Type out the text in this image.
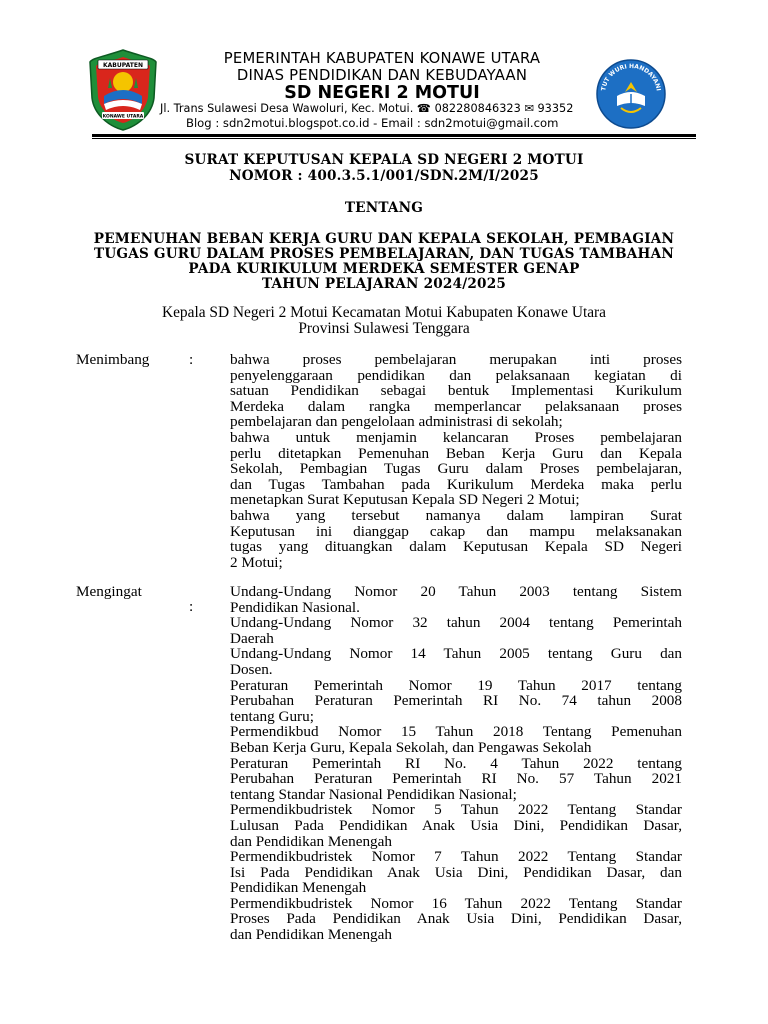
KABUPATEN
KONAWE UTARA
TUT WURI HANDAYANI
PEMERINTAH KABUPATEN KONAWE UTARA
DINAS PENDIDIKAN DAN KEBUDAYAAN
SD NEGERI 2 MOTUI
Jl. Trans Sulawesi Desa Wawoluri, Kec. Motui. ☎ 082280846323 ✉ 93352
Blog : sdn2motui.blogspot.co.id - Email : sdn2motui@gmail.com
SURAT KEPUTUSAN KEPALA SD NEGERI 2 MOTUI
NOMOR : 400.3.5.1/001/SDN.2M/I/2025
TENTANG
PEMENUHAN BEBAN KERJA GURU DAN KEPALA SEKOLAH, PEMBAGIAN
TUGAS GURU DALAM PROSES PEMBELAJARAN, DAN TUGAS TAMBAHAN
PADA KURIKULUM MERDEKA SEMESTER GENAP
TAHUN PELAJARAN 2024/2025
Kepala SD Negeri 2 Motui Kecamatan Motui Kabupaten Konawe Utara
Provinsi Sulawesi Tenggara
Menimbang	: bahwa proses pembelajaran merupakan inti proses
penyelenggaraan pendidikan dan pelaksanaan kegiatan di
satuan Pendidikan sebagai bentuk Implementasi Kurikulum
Merdeka dalam rangka memperlancar pelaksanaan proses
pembelajaran dan pengelolaan administrasi di sekolah;
bahwa untuk menjamin kelancaran Proses pembelajaran
perlu ditetapkan Pemenuhan Beban Kerja Guru dan Kepala
Sekolah, Pembagian Tugas Guru dalam Proses pembelajaran,
dan Tugas Tambahan pada Kurikulum Merdeka maka perlu
menetapkan Surat Keputusan Kepala SD Negeri 2 Motui;
bahwa yang tersebut namanya dalam lampiran Surat
Keputusan ini dianggap cakap dan mampu melaksanakan
tugas yang dituangkan dalam Keputusan Kepala SD Negeri
2 Motui;
Mengingat
:
Undang-Undang Nomor 20 Tahun 2003 tentang Sistem
Pendidikan Nasional.
Undang-Undang Nomor 32 tahun 2004 tentang Pemerintah
Daerah
Undang-Undang Nomor 14 Tahun 2005 tentang Guru dan
Dosen.
Peraturan Pemerintah Nomor 19 Tahun 2017 tentang
Perubahan Peraturan Pemerintah RI No. 74 tahun 2008
tentang Guru;
Permendikbud Nomor 15 Tahun 2018 Tentang Pemenuhan
Beban Kerja Guru, Kepala Sekolah, dan Pengawas Sekolah
Peraturan Pemerintah RI No. 4 Tahun 2022 tentang
Perubahan Peraturan Pemerintah RI No. 57 Tahun 2021
tentang Standar Nasional Pendidikan Nasional;
Permendikbudristek Nomor 5 Tahun 2022 Tentang Standar
Lulusan Pada Pendidikan Anak Usia Dini, Pendidikan Dasar,
dan Pendidikan Menengah
Permendikbudristek Nomor 7 Tahun 2022 Tentang Standar
Isi Pada Pendidikan Anak Usia Dini, Pendidikan Dasar, dan
Pendidikan Menengah
Permendikbudristek Nomor 16 Tahun 2022 Tentang Standar
Proses Pada Pendidikan Anak Usia Dini, Pendidikan Dasar,
dan Pendidikan Menengah
